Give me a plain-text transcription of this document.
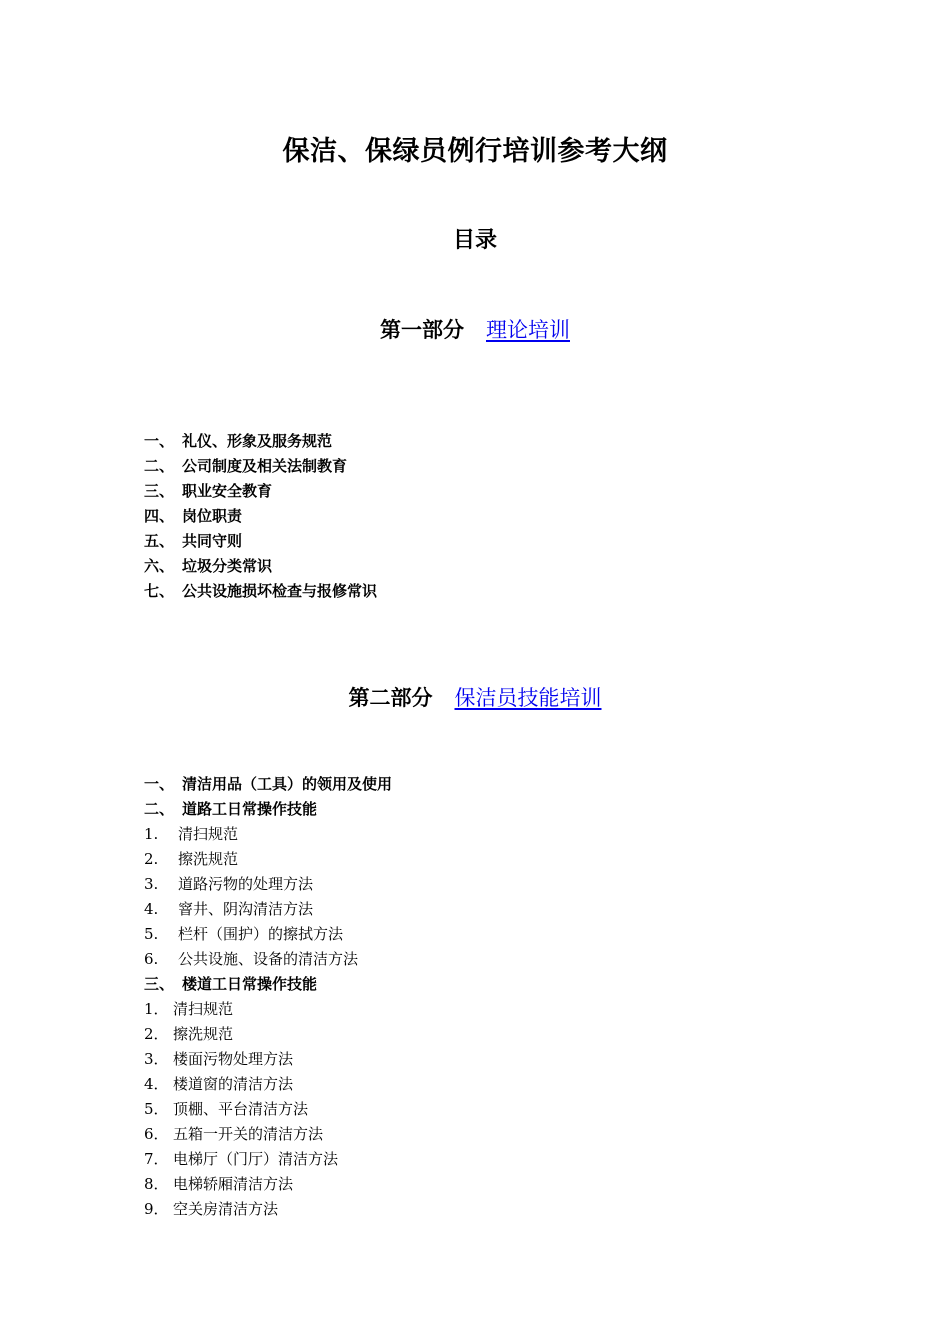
保洁、保绿员例行培训参考大纲
目录
第一部分 理论培训
一、 礼仪、形象及服务规范
二、 公司制度及相关法制教育
三、 职业安全教育
四、 岗位职责
五、 共同守则
六、 垃圾分类常识
七、 公共设施损坏检查与报修常识
第二部分 保洁员技能培训
一、 清洁用品（工具）的领用及使用
二、 道路工日常操作技能
1. 清扫规范
2. 擦洗规范
3. 道路污物的处理方法
4. 窨井、阴沟清洁方法
5. 栏杆（围护）的擦拭方法
6. 公共设施、设备的清洁方法
三、 楼道工日常操作技能
1． 清扫规范
2． 擦洗规范
3． 楼面污物处理方法
4． 楼道窗的清洁方法
5． 顶棚、平台清洁方法
6． 五箱一开关的清洁方法
7． 电梯厅（门厅）清洁方法
8． 电梯轿厢清洁方法
9． 空关房清洁方法
